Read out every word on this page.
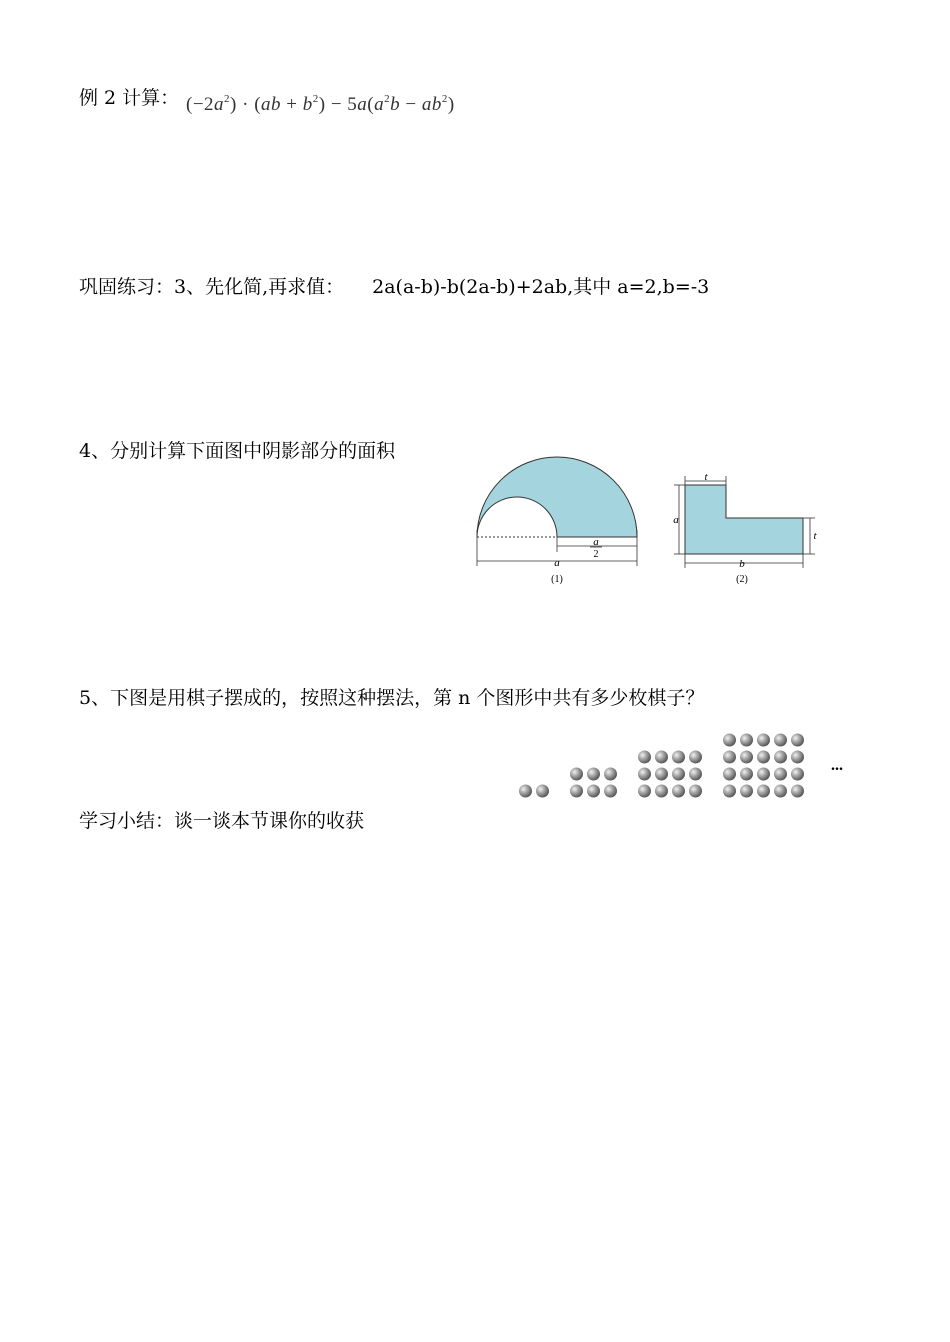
例 2 计算： $(-2a^2) \cdot (ab + b^2) - 5a(a^2b - ab^2)$
巩固练习：3、先化简,再求值： 2a(a-b)-b(2a-b)+2ab,其中 a=2,b=-3
4、分别计算下面图中阴影部分的面积
a
2
a
(1)
t
a
t
b
(2)
5、下图是用棋子摆成的，按照这种摆法，第 n 个图形中共有多少枚棋子？
...
学习小结：谈一谈本节课你的收获
